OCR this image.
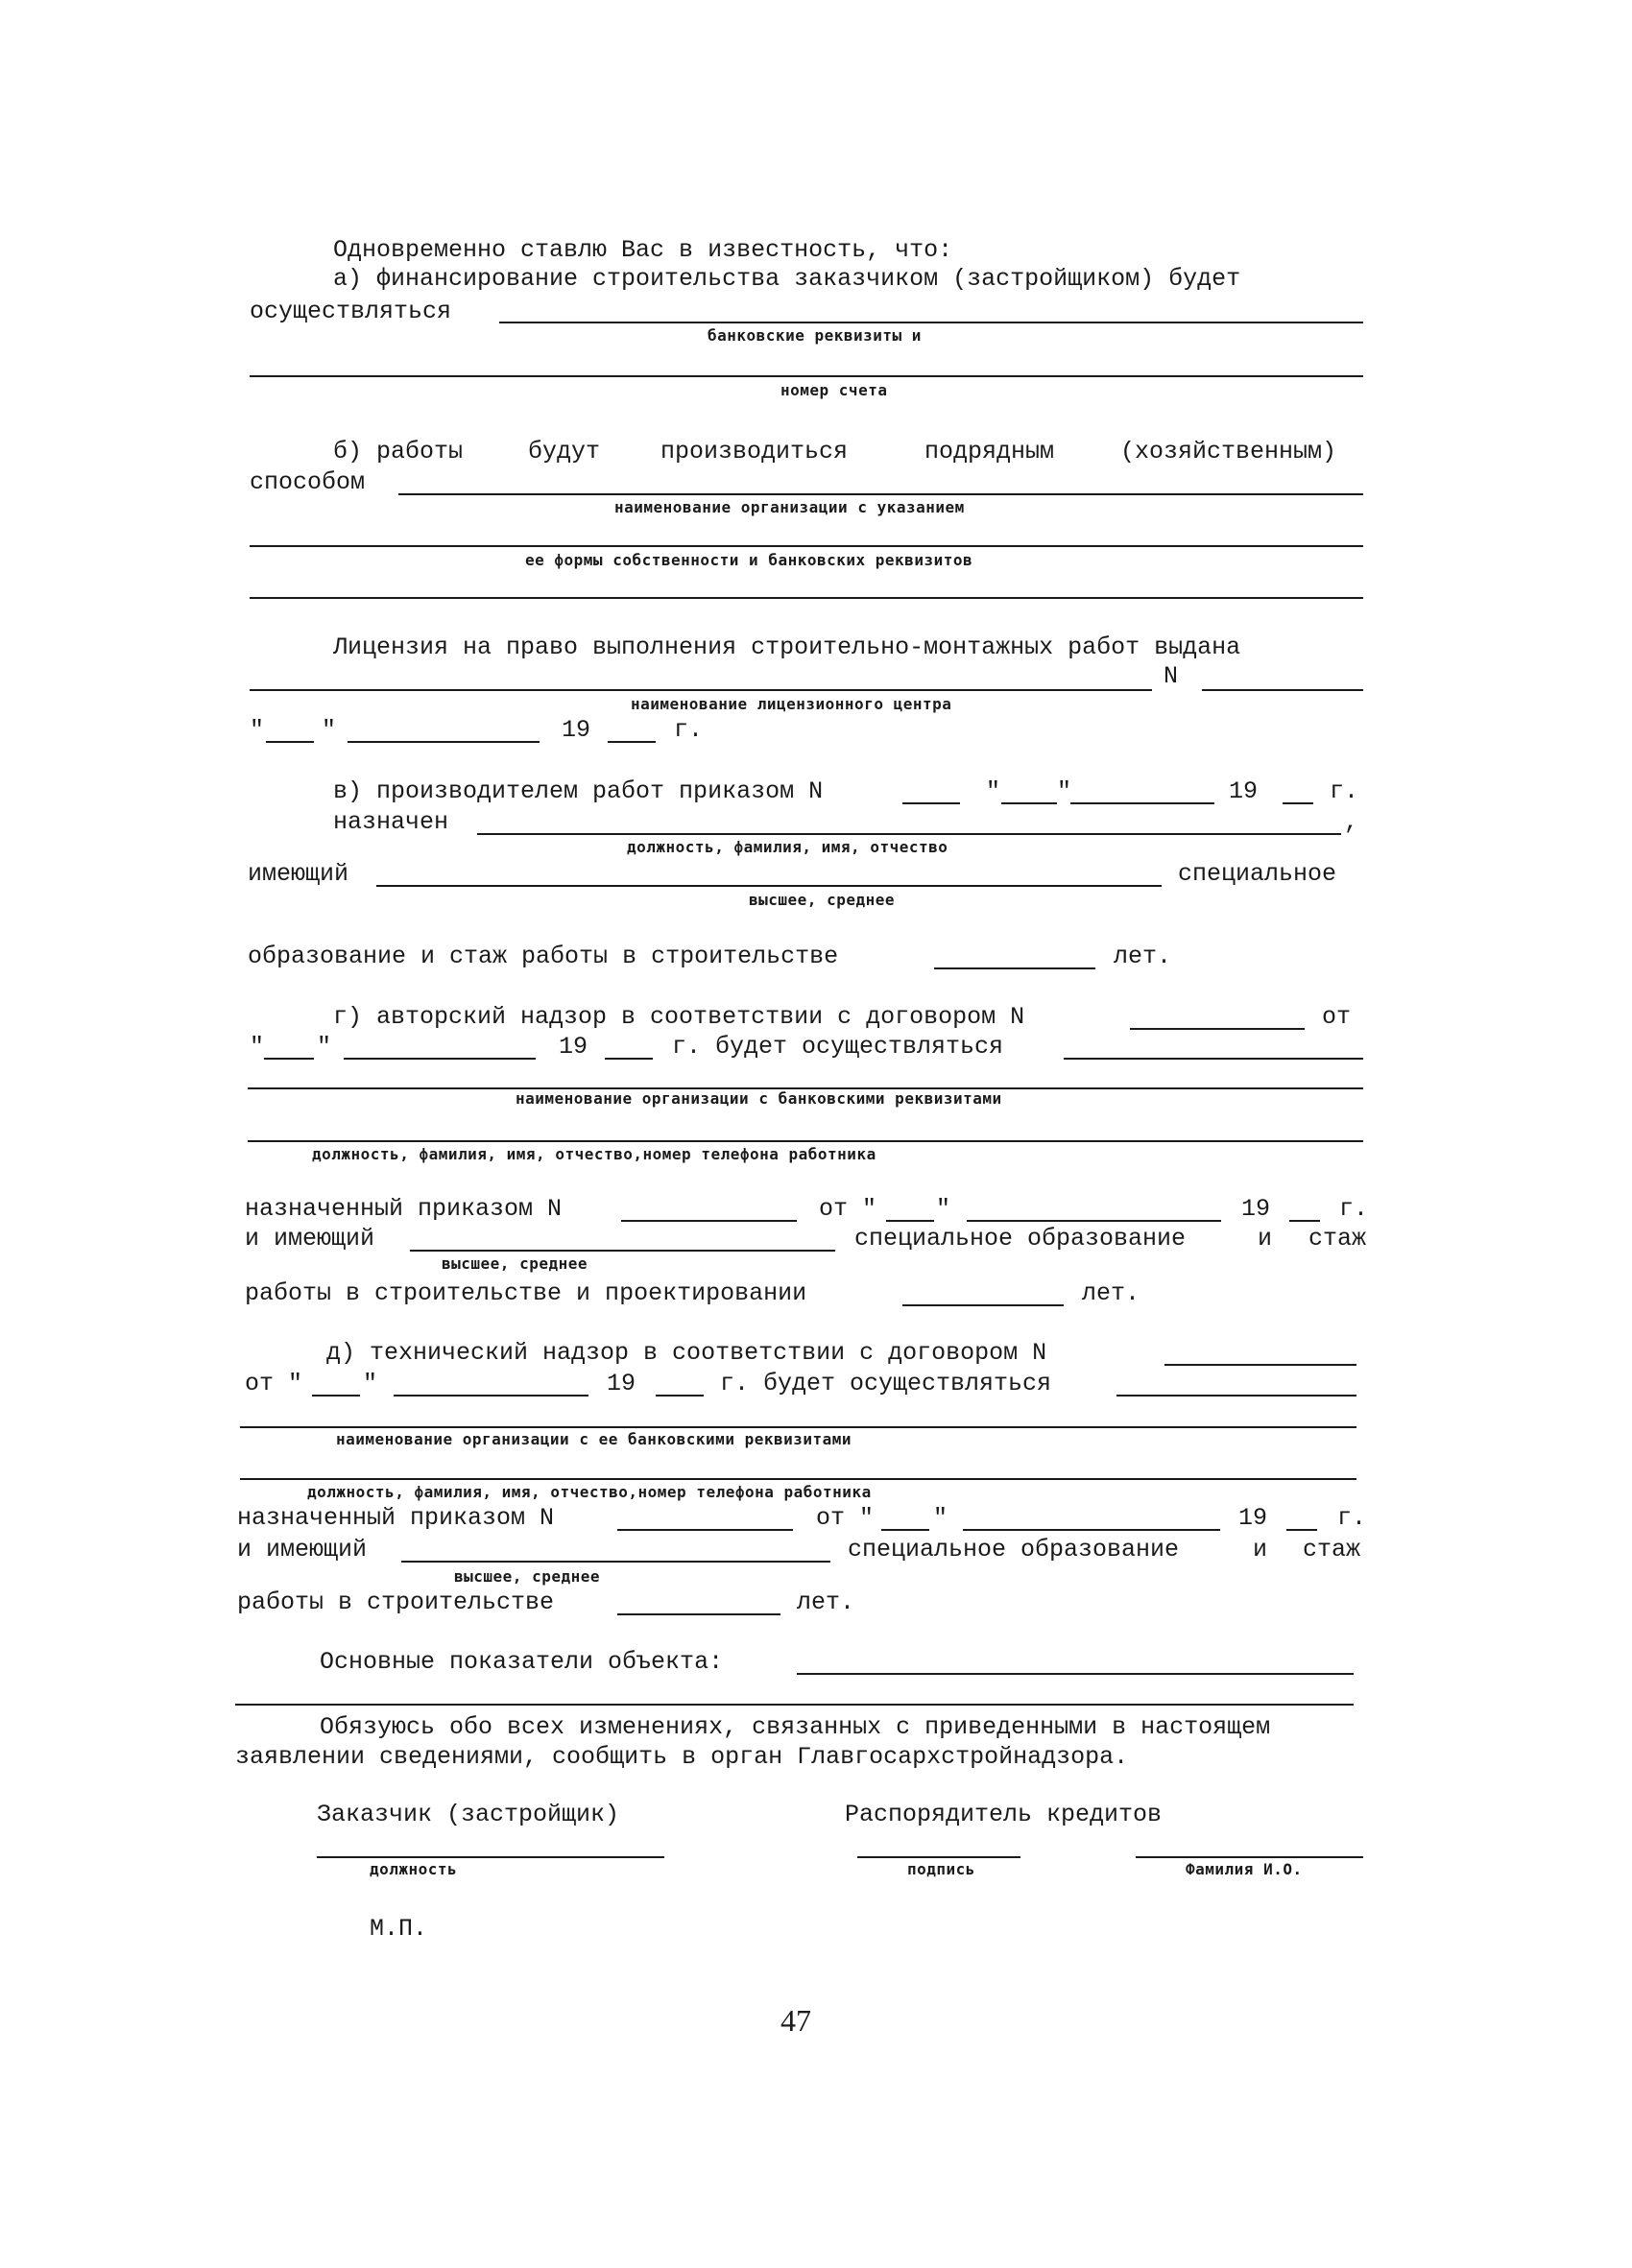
Одновременно ставлю Вас в известность, что:
а) финансирование строительства заказчиком (застройщиком) будет
осуществляться
банковские реквизиты и
номер счета
б) работы	будут	производиться	подрядным	(хозяйственным)
способом
наименование организации с указанием
ее формы собственности и банковских реквизитов
Лицензия на право выполнения строительно-монтажных работ выдана
N
наименование лицензионного центра
" "	19	г.
в) производителем работ приказом N	" "	19	г.
назначен	,
должность, фамилия, имя, отчество
имеющий	специальное
высшее, среднее
образование и стаж работы в строительстве	лет.
г) авторский надзор в соответствии с договором N	от
" "	19	г. будет осуществляться
наименование организации с банковскими реквизитами
должность, фамилия, имя, отчество,номер телефона работника
назначенный приказом N	от " "	19	г.
и имеющий	специальное образование	и стаж
высшее, среднее
работы в строительстве и проектировании	лет.
д) технический надзор в соответствии с договором N
от "	"	19	г. будет осуществляться
наименование организации с ее банковскими реквизитами
должность, фамилия, имя, отчество,номер телефона работника
назначенный приказом N	от " "	19	г.
и имеющий	специальное образование	и стаж
высшее, среднее
работы в строительстве	лет.
Основные показатели объекта:
Обязуюсь обо всех изменениях, связанных с приведенными в настоящем
заявлении сведениями, сообщить в орган Главгосархстройнадзора.
Заказчик (застройщик)	Распорядитель кредитов
должность	подпись	Фамилия И.О.
М.П.
47
